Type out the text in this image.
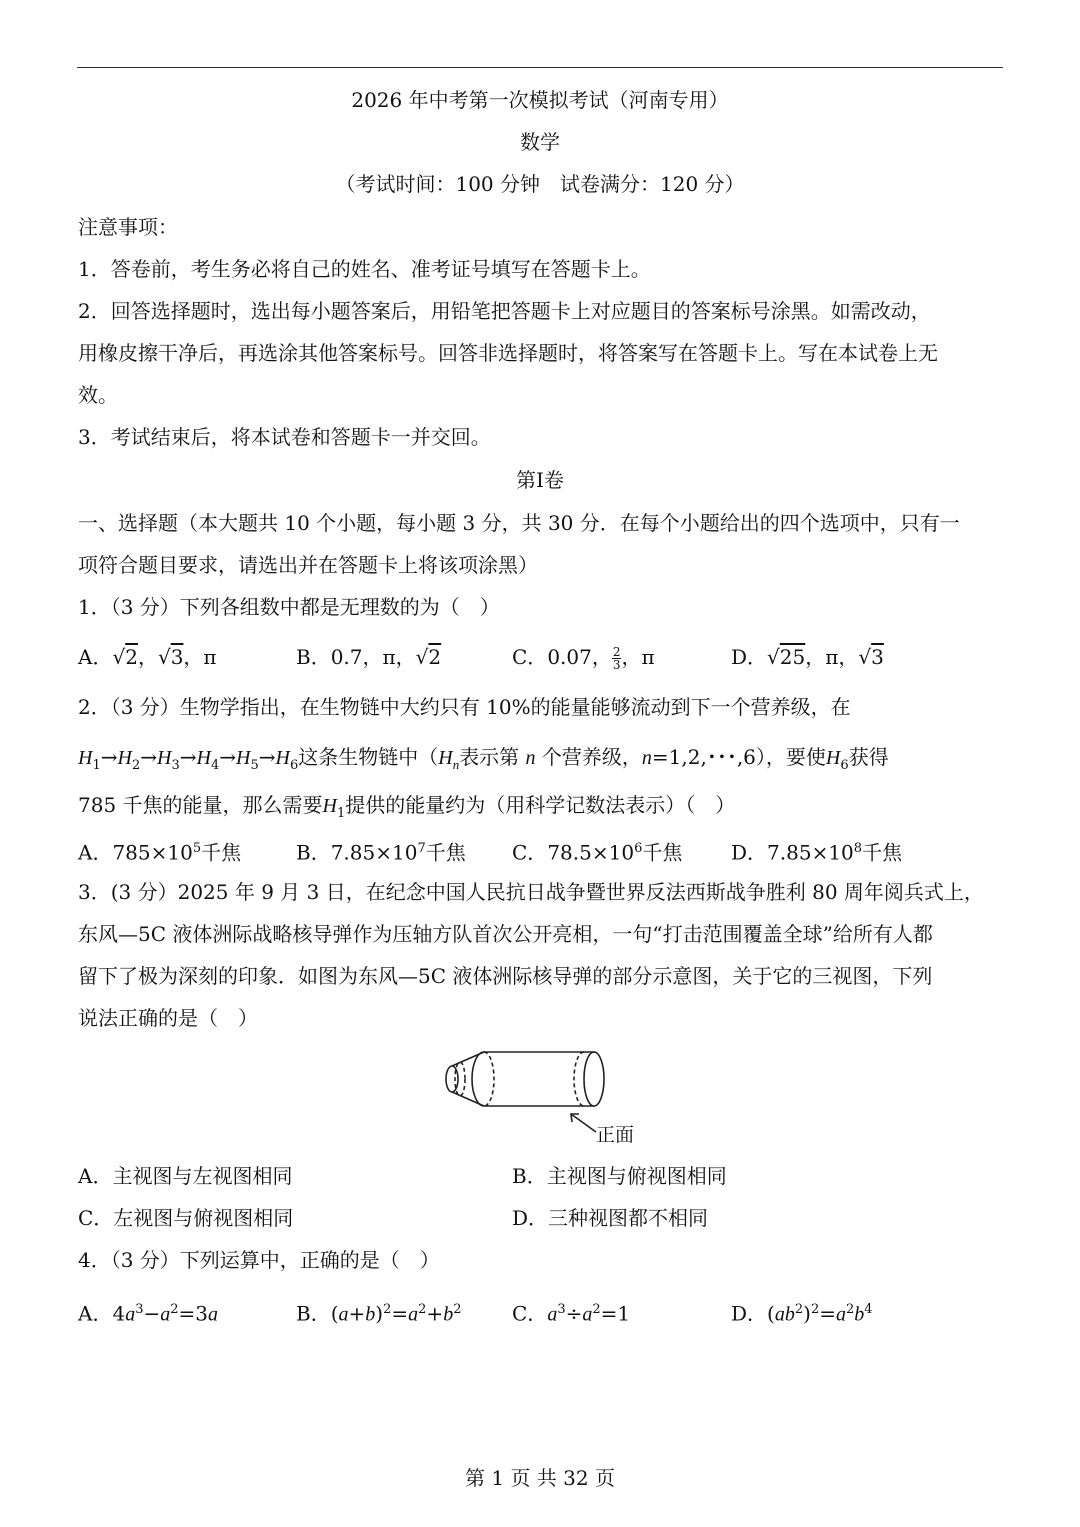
2026 年中考第一次模拟考试（河南专用）
数学
（考试时间：100 分钟　试卷满分：120 分）
注意事项：
1．答卷前，考生务必将自己的姓名、准考证号填写在答题卡上。
2．回答选择题时，选出每小题答案后，用铅笔把答题卡上对应题目的答案标号涂黑。如需改动，
用橡皮擦干净后，再选涂其他答案标号。回答非选择题时，将答案写在答题卡上。写在本试卷上无
效。
3．考试结束后，将本试卷和答题卡一并交回。
第Ⅰ卷
一、选择题（本大题共 10 个小题，每小题 3 分，共 30 分．在每个小题给出的四个选项中，只有一
项符合题目要求，请选出并在答题卡上将该项涂黑）
1．（3 分）下列各组数中都是无理数的为（　）
A．√2，√3，π	B．0.7，π，√2	C．0.07， $\frac{2}{3}$ ，π	D．√25，π，√3
2．（3 分）生物学指出，在生物链中大约只有 10%的能量能够流动到下一个营养级，在
$H_1\to H_2\to H_3\to H_4\to H_5\to H_6$这条生物链中（$H_n$表示第 n 个营养级，n=1,2,･･･,6），要使$H_6$获得
785 千焦的能量，那么需要$H_1$提供的能量约为（用科学记数法表示）（　）
A．$785\times 10^5$千焦	B．$7.85\times 10^7$千焦 C．$78.5\times 10^6$千焦 D．$7.85\times 10^8$千焦
3．(3 分）2025 年 9 月 3 日，在纪念中国人民抗日战争暨世界反法西斯战争胜利 80 周年阅兵式上，
东风—5C 液体洲际战略核导弹作为压轴方队首次公开亮相，一句“打击范围覆盖全球”给所有人都
留下了极为深刻的印象．如图为东风—5C 液体洲际核导弹的部分示意图，关于它的三视图，下列
说法正确的是（　）
正面
A．主视图与左视图相同	B．主视图与俯视图相同
C．左视图与俯视图相同	D．三种视图都不相同
4．（3 分）下列运算中，正确的是（　）
A．$4a^3-a^2=3a$	B．$(a+b)^2=a^2+b^2$	C．$a^3\div a^2=1$	D．$(ab^2)^2=a^2b^4$
第 1 页 共 32 页
